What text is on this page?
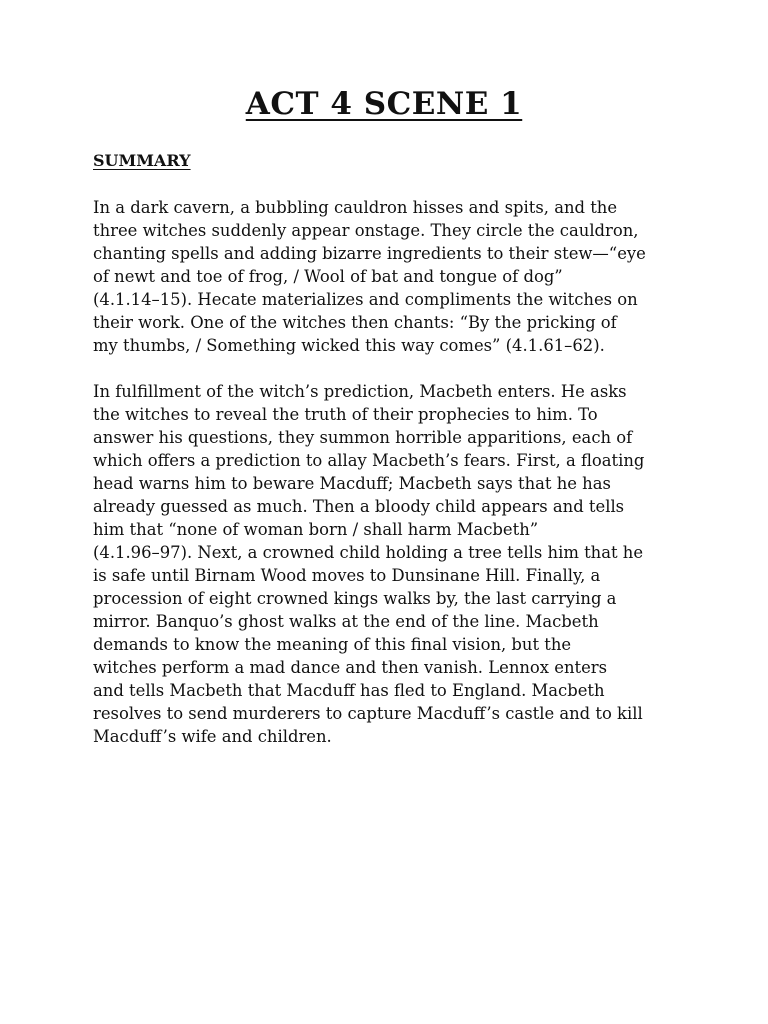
ACT 4 SCENE 1
SUMMARY

In a dark cavern, a bubbling cauldron hisses and spits, and the
three witches suddenly appear onstage. They circle the cauldron,
chanting spells and adding bizarre ingredients to their stew—“eye
of newt and toe of frog, / Wool of bat and tongue of dog”
(4.1.14–15). Hecate materializes and compliments the witches on
their work. One of the witches then chants: “By the pricking of
my thumbs, / Something wicked this way comes” (4.1.61–62).

In fulfillment of the witch’s prediction, Macbeth enters. He asks
the witches to reveal the truth of their prophecies to him. To
answer his questions, they summon horrible apparitions, each of
which offers a prediction to allay Macbeth’s fears. First, a floating
head warns him to beware Macduff; Macbeth says that he has
already guessed as much. Then a bloody child appears and tells
him that “none of woman born / shall harm Macbeth”
(4.1.96–97). Next, a crowned child holding a tree tells him that he
is safe until Birnam Wood moves to Dunsinane Hill. Finally, a
procession of eight crowned kings walks by, the last carrying a
mirror. Banquo’s ghost walks at the end of the line. Macbeth
demands to know the meaning of this final vision, but the
witches perform a mad dance and then vanish. Lennox enters
and tells Macbeth that Macduff has fled to England. Macbeth
resolves to send murderers to capture Macduff’s castle and to kill
Macduff’s wife and children.
